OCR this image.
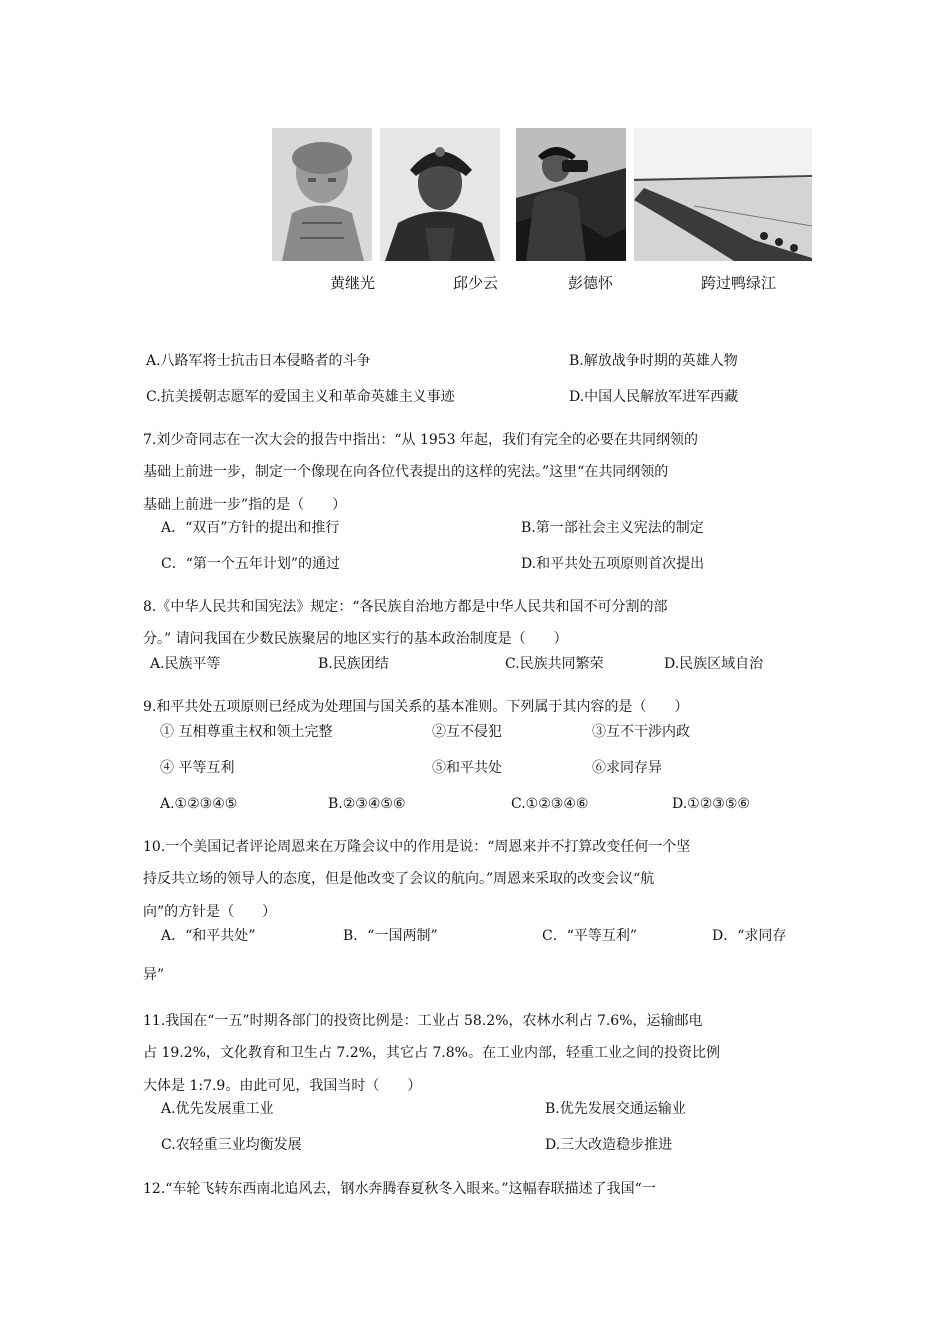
黄继光	邱少云	彭德怀	跨过鸭绿江
A.八路军将士抗击日本侵略者的斗争	B.解放战争时期的英雄人物
C.抗美援朝志愿军的爱国主义和革命英雄主义事迹	D.中国人民解放军进军西藏
7.刘少奇同志在一次大会的报告中指出：“从 1953 年起，我们有完全的必要在共同纲领的
基础上前进一步，制定一个像现在向各位代表提出的这样的宪法。”这里“在共同纲领的
基础上前进一步”指的是（　　）
A．“双百”方针的提出和推行	B.第一部社会主义宪法的制定
C．“第一个五年计划”的通过	D.和平共处五项原则首次提出
8.《中华人民共和国宪法》规定：“各民族自治地方都是中华人民共和国不可分割的部
分。” 请问我国在少数民族聚居的地区实行的基本政治制度是（　　）
A.民族平等	B.民族团结	C.民族共同繁荣	D.民族区域自治
9.和平共处五项原则已经成为处理国与国关系的基本准则。下列属于其内容的是（　　）
① 互相尊重主权和领土完整	②互不侵犯	③互不干涉内政
④ 平等互利	⑤和平共处	⑥求同存异
A.①②③④⑤	B.②③④⑤⑥	C.①②③④⑥	D.①②③⑤⑥
10.一个美国记者评论周恩来在万隆会议中的作用是说：“周恩来并不打算改变任何一个坚
持反共立场的领导人的态度，但是他改变了会议的航向。”周恩来采取的改变会议“航
向”的方针是（　　）
A．“和平共处”	B．“一国两制”	C．“平等互利”	D．“求同存
异”
11.我国在“一五”时期各部门的投资比例是：工业占 58.2%，农林水利占 7.6%，运输邮电
占 19.2%，文化教育和卫生占 7.2%，其它占 7.8%。在工业内部，轻重工业之间的投资比例
大体是 1:7.9。由此可见，我国当时（　　）
A.优先发展重工业	B.优先发展交通运输业
C.农轻重三业均衡发展	D.三大改造稳步推进
12.“车轮飞转东西南北追风去，钢水奔腾春夏秋冬入眼来。”这幅春联描述了我国“一
